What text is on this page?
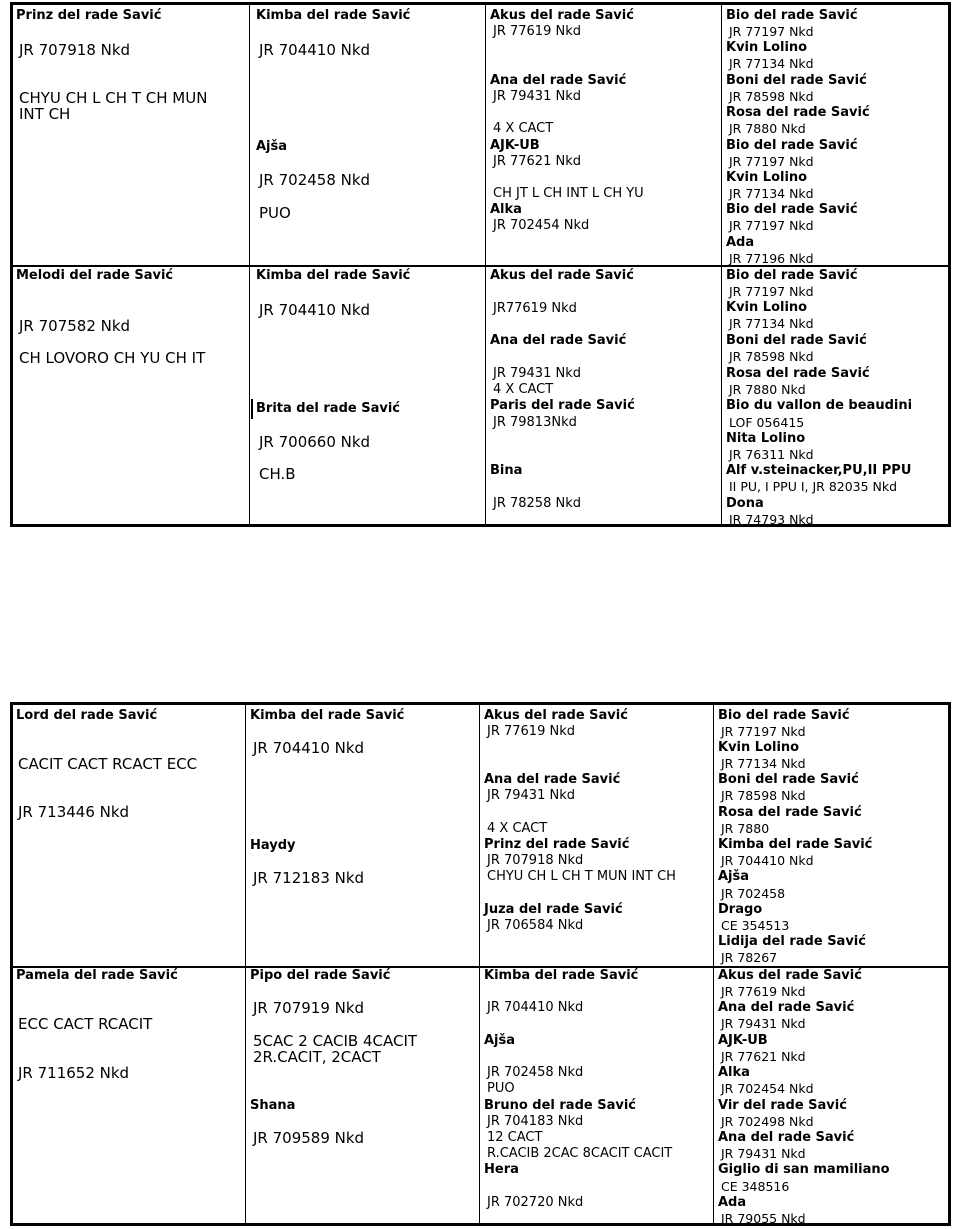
Prinz del rade Savić
JR 707918 Nkd
CHYU CH L CH T CH MUN
INT CH
Melodi del rade Savić
JR 707582 Nkd
CH LOVORO CH YU CH IT
Kimba del rade Savić
JR 704410 Nkd
Ajša
JR 702458 Nkd
PUO
Kimba del rade Savić
JR 704410 Nkd
Brita del rade Savić
JR 700660 Nkd
CH.B
Akus del rade Savić
JR 77619 Nkd
Ana del rade Savić
JR 79431 Nkd
4 X CACT
AJK-UB
JR 77621 Nkd
CH JT L CH INT L CH YU
Alka
JR 702454 Nkd
Akus del rade Savić
JR77619 Nkd
Ana del rade Savić
JR 79431 Nkd
4 X CACT
Paris del rade Savić
JR 79813Nkd
Bina
JR 78258 Nkd
Bio del rade Savić
JR 77197 Nkd
Kvin Lolino
JR 77134 Nkd
Boni del rade Savić
JR 78598 Nkd
Rosa del rade Savić
JR 7880 Nkd
Bio del rade Savić
JR 77197 Nkd
Kvin Lolino
JR 77134 Nkd
Bio del rade Savić
JR 77197 Nkd
Ada
JR 77196 Nkd
Bio del rade Savić
JR 77197 Nkd
Kvin Lolino
JR 77134 Nkd
Boni del rade Savić
JR 78598 Nkd
Rosa del rade Savić
JR 7880 Nkd
Bio du vallon de beaudini
LOF 056415
Nita Lolino
JR 76311 Nkd
Alf v.steinacker,PU,II PPU
II PU, I PPU I, JR 82035 Nkd
Dona
JR 74793 Nkd
Lord del rade Savić
CACIT CACT RCACT ECC
JR 713446 Nkd
Pamela del rade Savić
ECC CACT RCACIT
JR 711652 Nkd
Kimba del rade Savić
JR 704410 Nkd
Haydy
JR 712183 Nkd
Pipo del rade Savić
JR 707919 Nkd
5CAC 2 CACIB 4CACIT
2R.CACIT, 2CACT
Shana
JR 709589 Nkd
Akus del rade Savić
JR 77619 Nkd
Ana del rade Savić
JR 79431 Nkd
4 X CACT
Prinz del rade Savić
JR 707918 Nkd
CHYU CH L CH T MUN INT CH
Juza del rade Savić
JR 706584 Nkd
Kimba del rade Savić
JR 704410 Nkd
Ajša
JR 702458 Nkd
PUO
Bruno del rade Savić
JR 704183 Nkd
12 CACT
R.CACIB 2CAC 8CACIT CACIT
Hera
JR 702720 Nkd
Bio del rade Savić
JR 77197 Nkd
Kvin Lolino
JR 77134 Nkd
Boni del rade Savić
JR 78598 Nkd
Rosa del rade Savić
JR 7880
Kimba del rade Savić
JR 704410 Nkd
Ajša
JR 702458
Drago
CE 354513
Lidija del rade Savić
JR 78267
Akus del rade Savić
JR 77619 Nkd
Ana del rade Savić
JR 79431 Nkd
AJK-UB
JR 77621 Nkd
Alka
JR 702454 Nkd
Vir del rade Savić
JR 702498 Nkd
Ana del rade Savić
JR 79431 Nkd
Giglio di san mamiliano
CE 348516
Ada
JR 79055 Nkd
